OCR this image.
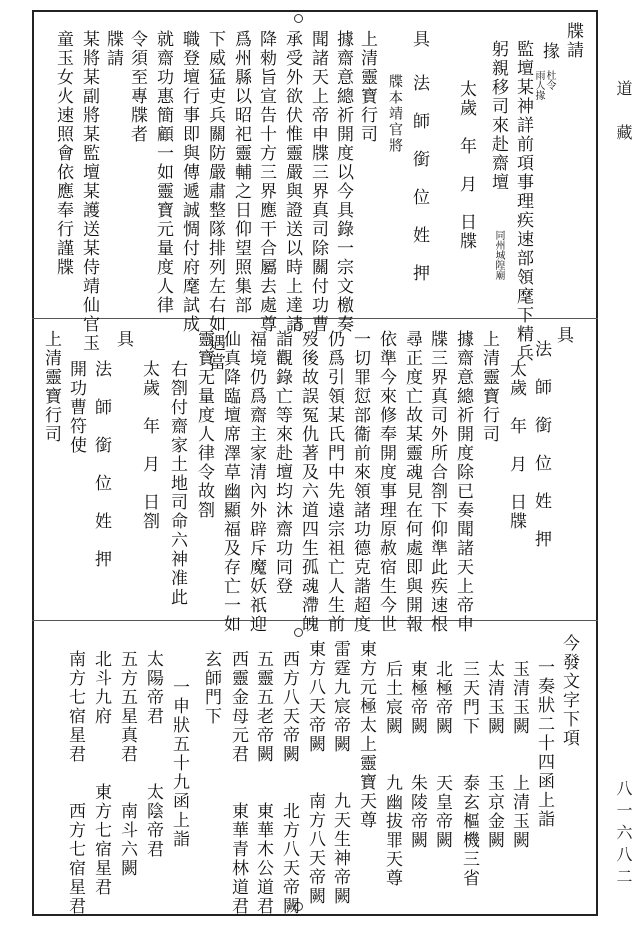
道　藏
八一六八二
牒請
掾
杜令
雨人掾
監壇某神詳前項事理疾速部領麾下精兵
躬親移司來赴齋壇
同州城隍廟
太歲　年　月　日牒
具
法　師　銜　位　姓　押
牒本靖官將
上清靈寶行司
據齋意總祈開度以今具錄一宗文檄奏
聞諸天上帝申牒三界真司除關付功曹
承受外欲伏惟靈嚴與證送以時上達請
降勑旨宣告十方三界應干合屬去處尊
爲州縣以昭祀靈輔之日仰望照集部
下威猛吏兵關防嚴肅整隊排列左右如遇當
職登壇行事即與傳遞誠惆付府麾試成
就齋功惠簡顧一如靈寶元量度人律
令須至專牒者
牒請
某將某副將某監壇某護送某侍靖仙官玉
童玉女火速照會依應奉行謹牒
具
法　師　銜　位　姓　押
太歲　年　月　日牒
上清靈寶行司
據齋意總祈開度除已奏聞諸天上帝申
牒三界真司外所合劄下仰準此疾速根
尋正度亡故某靈魂見在何處即與開報
依準今來修奉開度事理原赦宿生今世
一切罪愆部衞前來領諸功德克諧超度
仍爲引領某氏門中先遠宗祖亡人生前
歿後故誤冤仇著及六道四生孤魂滯魄
詣觀錄亡等來赴壇均沐齋功同登
福境仍爲齋主家清內外辟斥魔妖祇迎
仙真降臨壇席澤草幽顯福及存亡一如
靈寶无量度人律令故劄
右劄付齋家土地司命六神准此
太歲　年　月　日劄
具
法　師　銜　位　姓　押
開功曹符使
上清靈寶行司
今發文字下項
一奏狀二十四函上詣
玉清玉闕　　上清玉闕
太清玉闕　　玉京金闕
三天門下　　泰玄樞機三省
北極帝闕　　天皇帝闕
東極帝闕　　朱陵帝闕
后土宸闕　　九幽拔罪天尊
東方元極太上靈寶天尊
雷霆九宸帝闕　　九天生神帝闕
東方八天帝闕　　南方八天帝闕
西方八天帝闕　　北方八天帝闕
五靈五老帝闕　　東華木公道君
西靈金母元君　　東華青林道君
玄師門下
一申狀五十九函上詣
太陽帝君　　　太陰帝君
五方五星真君　　南斗六闕
北斗九府　　　東方七宿星君
南方七宿星君　　西方七宿星君
